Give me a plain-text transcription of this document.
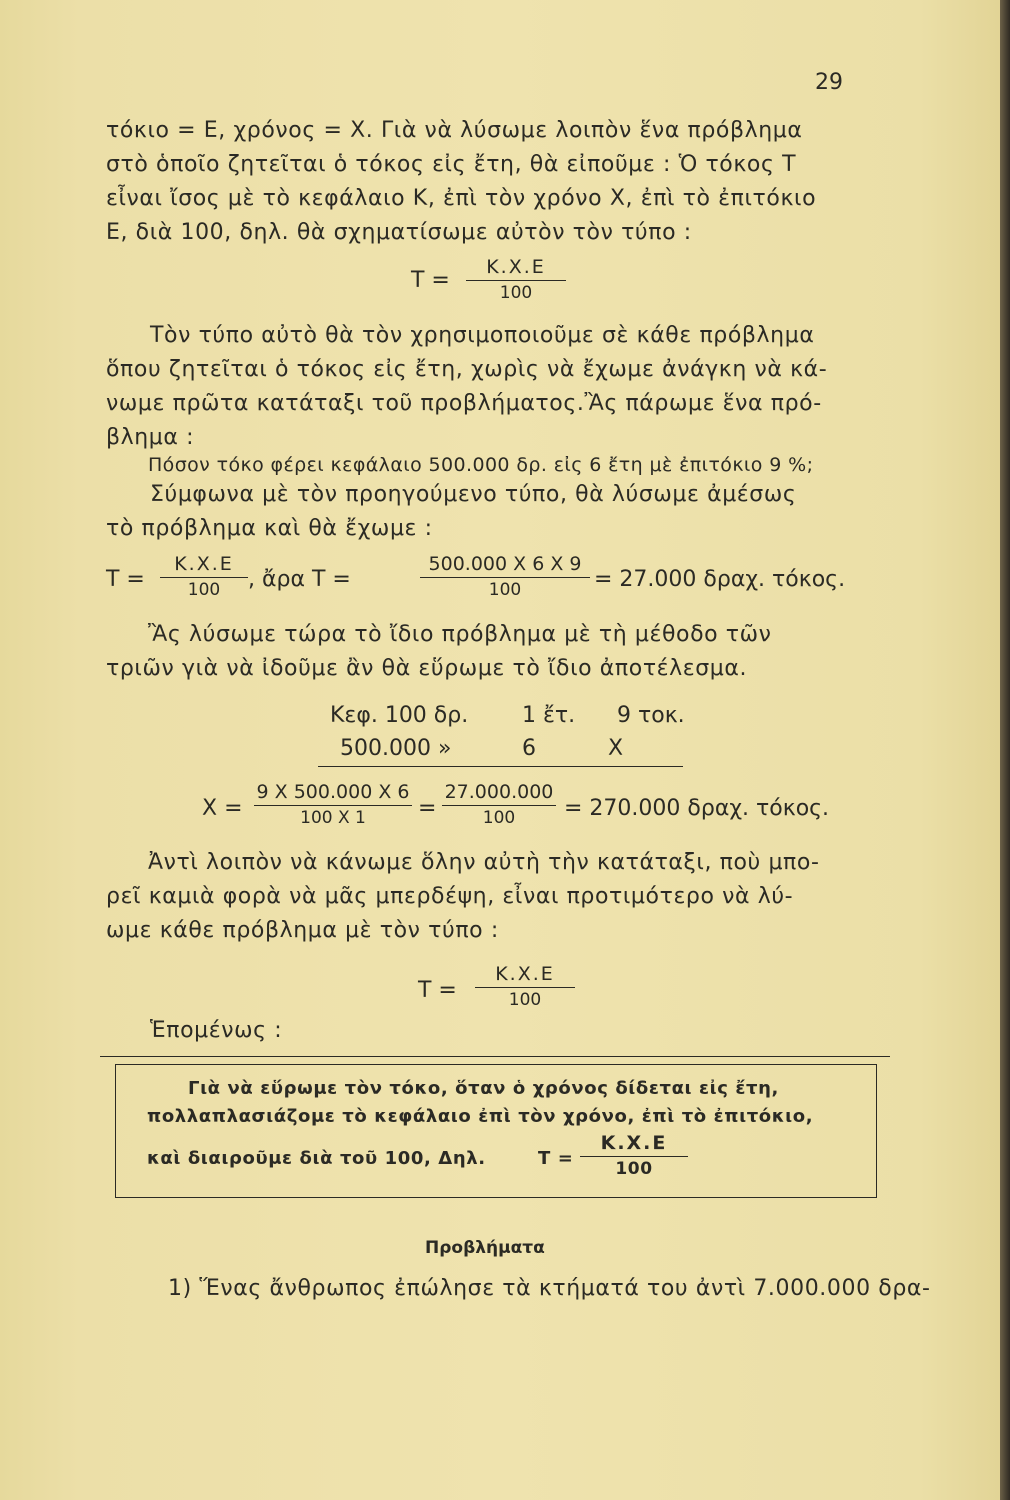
29
τόκιο = Ε, χρόνος = Χ. Γιὰ νὰ λύσωμε λοιπὸν ἕνα πρόβλημα
στὸ ὁποῖο ζητεῖται ὁ τόκος εἰς ἔτη, θὰ εἰποῦμε : Ὁ τόκος Τ
εἶναι ἴσος μὲ τὸ κεφάλαιο Κ, ἐπὶ τὸν χρόνο Χ, ἐπὶ τὸ ἐπιτόκιο
Ε, διὰ 100, δηλ. θὰ σχηματίσωμε αὐτὸν τὸν τύπο :
Τ =
Κ.Χ.Ε
100
Τὸν τύπο αὐτὸ θὰ τὸν χρησιμοποιοῦμε σὲ κάθε πρόβλημα
ὅπου ζητεῖται ὁ τόκος εἰς ἔτη, χωρὶς νὰ ἔχωμε ἀνάγκη νὰ κά-
νωμε πρῶτα κατάταξι τοῦ προβλήματος.Ἂς πάρωμε ἕνα πρό-
βλημα :
Πόσον τόκο φέρει κεφάλαιο 500.000 δρ. εἰς 6 ἔτη μὲ ἐπιτόκιο 9 %;
Σύμφωνα μὲ τὸν προηγούμενο τύπο, θὰ λύσωμε ἀμέσως
τὸ πρόβλημα καὶ θὰ ἔχωμε :
Τ =
Κ.Χ.Ε
100	, ἄρα Τ =
500.000 Χ 6 Χ 9
100	= 27.000 δραχ. τόκος.
Ἂς λύσωμε τώρα τὸ ἴδιο πρόβλημα μὲ τὴ μέθοδο τῶν
τριῶν γιὰ νὰ ἰδοῦμε ἂν θὰ εὕρωμε τὸ ἴδιο ἀποτέλεσμα.
Κεφ. 100 δρ. 1 ἔτ. 9 τοκ.
500.000 »	6	Χ
Χ =
9 Χ 500.000 Χ 6
100 Χ 1	=
27.000.000
100	= 270.000 δραχ. τόκος.
Ἀντὶ λοιπὸν νὰ κάνωμε ὅλην αὐτὴ τὴν κατάταξι, ποὺ μπο-
ρεῖ καμιὰ φορὰ νὰ μᾶς μπερδέψη, εἶναι προτιμότερο νὰ λύ-
ωμε κάθε πρόβλημα μὲ τὸν τύπο :
Τ =
Κ.Χ.Ε
100
Ἑπομένως :
Γιὰ νὰ εὕρωμε τὸν τόκο, ὅταν ὁ χρόνος δίδεται εἰς ἔτη,
πολλαπλασιάζομε τὸ κεφάλαιο ἐπὶ τὸν χρόνο, ἐπὶ τὸ ἐπιτόκιο,
καὶ διαιροῦμε διὰ τοῦ 100, Δηλ.	Τ =
Κ.Χ.Ε
100
Προβλήματα
1) Ἕνας ἄνθρωπος ἐπώλησε τὰ κτήματά του ἀντὶ 7.000.000 δρα-
